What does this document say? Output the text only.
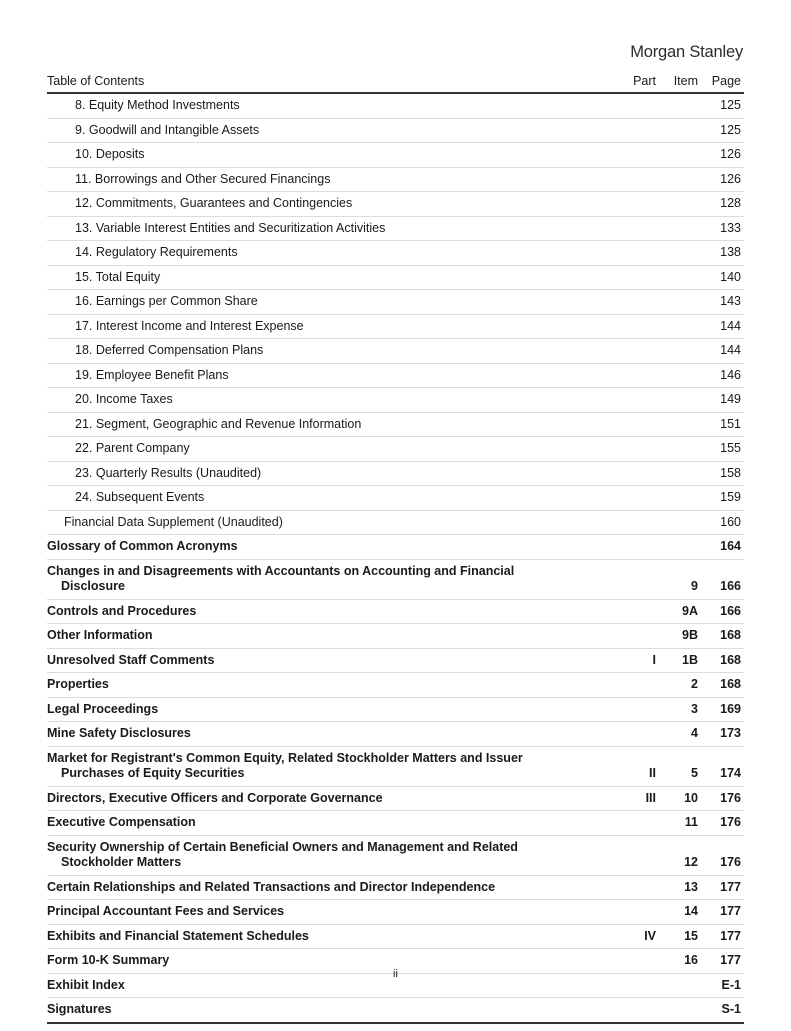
Morgan Stanley
Table of Contents	Part	Item	Page
8. Equity Method Investments			125
9. Goodwill and Intangible Assets			125
10. Deposits			126
11. Borrowings and Other Secured Financings			126
12. Commitments, Guarantees and Contingencies			128
13. Variable Interest Entities and Securitization Activities			133
14. Regulatory Requirements			138
15. Total Equity			140
16. Earnings per Common Share			143
17. Interest Income and Interest Expense			144
18. Deferred Compensation Plans			144
19. Employee Benefit Plans			146
20. Income Taxes			149
21. Segment, Geographic and Revenue Information			151
22. Parent Company			155
23. Quarterly Results (Unaudited)			158
24. Subsequent Events			159
Financial Data Supplement (Unaudited)			160
Glossary of Common Acronyms			164
Changes in and Disagreements with Accountants on Accounting and Financial
Disclosure		9	166
Controls and Procedures		9A	166
Other Information		9B	168
Unresolved Staff Comments	I	1B	168
Properties		2	168
Legal Proceedings		3	169
Mine Safety Disclosures		4	173
Market for Registrant's Common Equity, Related Stockholder Matters and Issuer
Purchases of Equity Securities	II	5	174
Directors, Executive Officers and Corporate Governance	III	10	176
Executive Compensation		11	176
Security Ownership of Certain Beneficial Owners and Management and Related
Stockholder Matters		12	176
Certain Relationships and Related Transactions and Director Independence		13	177
Principal Accountant Fees and Services		14	177
Exhibits and Financial Statement Schedules	IV	15	177
Form 10-K Summary		16	177
Exhibit Index			E-1
Signatures			S-1
ii
